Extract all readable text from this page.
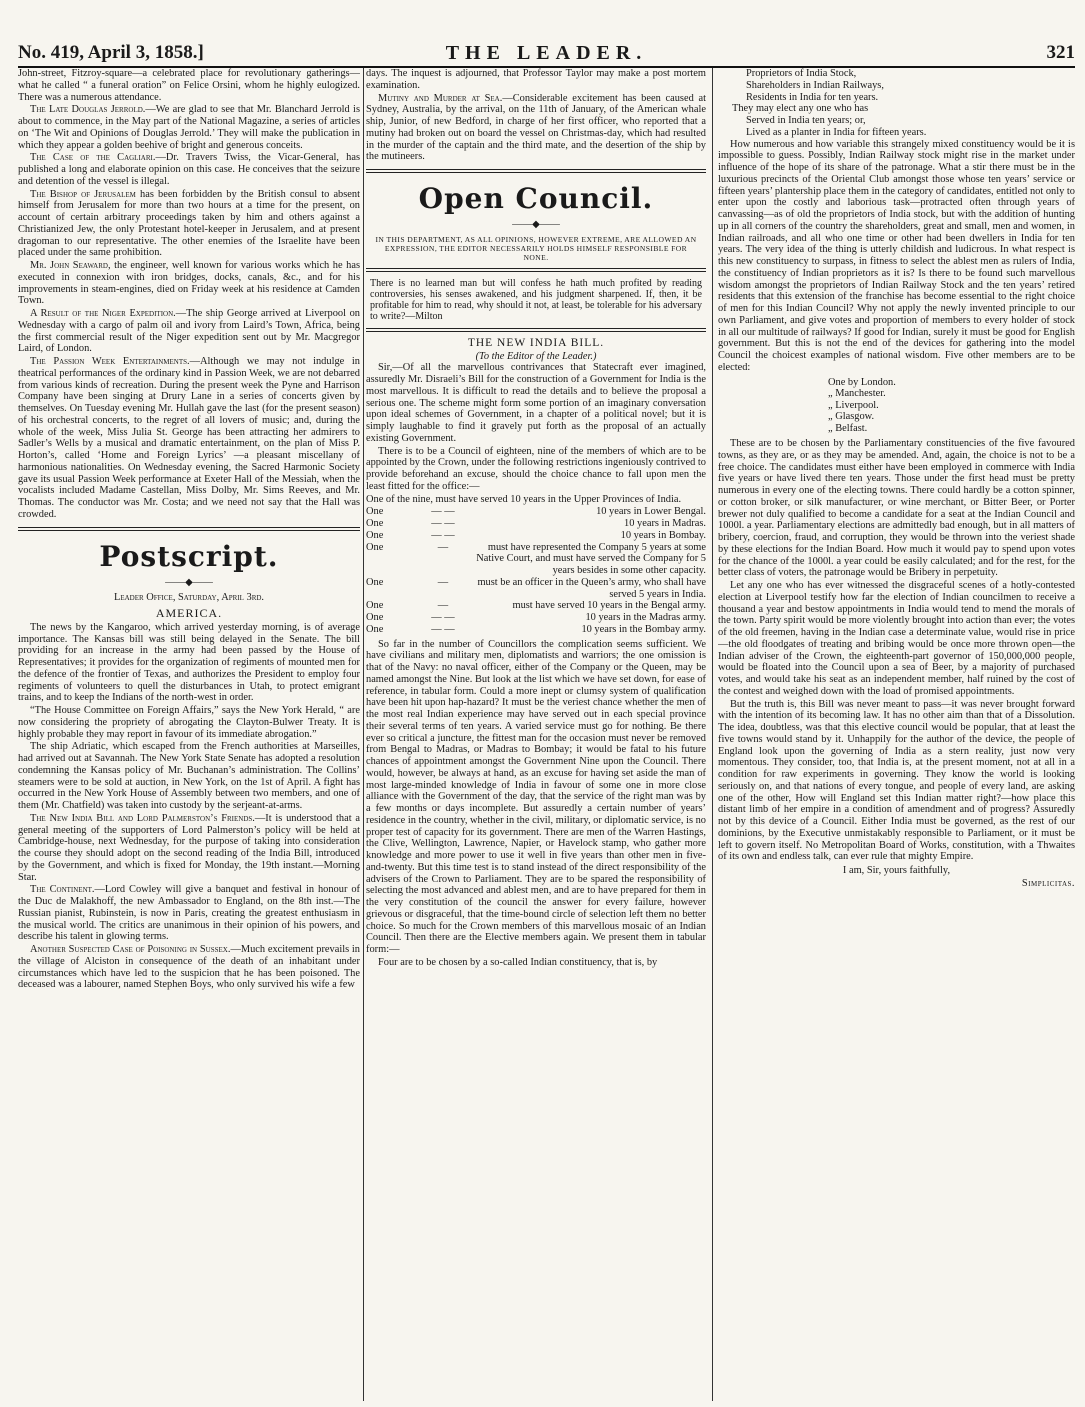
No. 419, April 3, 1858.]	THE LEADER.	321

John-street, Fitzroy-square—a celebrated place for revolutionary gatherings—what he called “ a funeral oration” on Felice Orsini, whom he highly eulogized. There was a numerous attendance.

The Late Douglas Jerrold.—We are glad to see that Mr. Blanchard Jerrold is about to commence, in the May part of the National Magazine, a series of articles on ‘The Wit and Opinions of Douglas Jerrold.’ They will make the publication in which they appear a golden beehive of bright and generous conceits.

The Case of the Cagliari.—Dr. Travers Twiss, the Vicar-General, has published a long and elaborate opinion on this case. He conceives that the seizure and detention of the vessel is illegal.

The Bishop of Jerusalem has been forbidden by the British consul to absent himself from Jerusalem for more than two hours at a time for the present, on account of certain arbitrary proceedings taken by him and others against a Christianized Jew, the only Protestant hotel-keeper in Jerusalem, and at present dragoman to our representative. The other enemies of the Israelite have been placed under the same prohibition.

Mr. John Seaward, the engineer, well known for various works which he has executed in connexion with iron bridges, docks, canals, &c., and for his improvements in steam-engines, died on Friday week at his residence at Camden Town.

A Result of the Niger Expedition.—The ship George arrived at Liverpool on Wednesday with a cargo of palm oil and ivory from Laird’s Town, Africa, being the first commercial result of the Niger expedition sent out by Mr. Macgregor Laird, of London.

The Passion Week Entertainments.—Although we may not indulge in theatrical performances of the ordinary kind in Passion Week, we are not debarred from various kinds of recreation. During the present week the Pyne and Harrison Company have been singing at Drury Lane in a series of concerts given by themselves. On Tuesday evening Mr. Hullah gave the last (for the present season) of his orchestral concerts, to the regret of all lovers of music; and, during the whole of the week, Miss Julia St. George has been attracting her admirers to Sadler’s Wells by a musical and dramatic entertainment, on the plan of Miss P. Horton’s, called ‘Home and Foreign Lyrics’ —a pleasant miscellany of harmonious nationalities. On Wednesday evening, the Sacred Harmonic Society gave its usual Passion Week performance at Exeter Hall of the Messiah, when the vocalists included Madame Castellan, Miss Dolby, Mr. Sims Reeves, and Mr. Thomas. The conductor was Mr. Costa; and we need not say that the Hall was crowded.

Postscript.
——◆——
Leader Office, Saturday, April 3rd.
AMERICA.

The news by the Kangaroo, which arrived yesterday morning, is of average importance. The Kansas bill was still being delayed in the Senate. The bill providing for an increase in the army had been passed by the House of Representatives; it provides for the organization of regiments of mounted men for the defence of the frontier of Texas, and authorizes the President to employ four regiments of volunteers to quell the disturbances in Utah, to protect emigrant trains, and to keep the Indians of the north-west in order.

“The House Committee on Foreign Affairs,” says the New York Herald, “ are now considering the propriety of abrogating the Clayton-Bulwer Treaty. It is highly probable they may report in favour of its immediate abrogation.”

The ship Adriatic, which escaped from the French authorities at Marseilles, had arrived out at Savannah. The New York State Senate has adopted a resolution condemning the Kansas policy of Mr. Buchanan’s administration. The Collins’ steamers were to be sold at auction, in New York, on the 1st of April. A fight has occurred in the New York House of Assembly between two members, and one of them (Mr. Chatfield) was taken into custody by the serjeant-at-arms.

The New India Bill and Lord Palmerston’s Friends.—It is understood that a general meeting of the supporters of Lord Palmerston’s policy will be held at Cambridge-house, next Wednesday, for the purpose of taking into consideration the course they should adopt on the second reading of the India Bill, introduced by the Government, and which is fixed for Monday, the 19th instant.—Morning Star.

The Continent.—Lord Cowley will give a banquet and festival in honour of the Duc de Malakhoff, the new Ambassador to England, on the 8th inst.—The Russian pianist, Rubinstein, is now in Paris, creating the greatest enthusiasm in the musical world. The critics are unanimous in their opinion of his powers, and describe his talent in glowing terms.

Another Suspected Case of Poisoning in Sussex.—Much excitement prevails in the village of Alciston in consequence of the death of an inhabitant under circumstances which have led to the suspicion that he has been poisoned. The deceased was a labourer, named Stephen Boys, who only survived his wife a few

days. The inquest is adjourned, that Professor Taylor may make a post mortem examination.

Mutiny and Murder at Sea.—Considerable excitement has been caused at Sydney, Australia, by the arrival, on the 11th of January, of the American whale ship, Junior, of new Bedford, in charge of her first officer, who reported that a mutiny had broken out on board the vessel on Christmas-day, which had resulted in the murder of the captain and the third mate, and the desertion of the ship by the mutineers.

Open Council.
——◆——
IN THIS DEPARTMENT, AS ALL OPINIONS, HOWEVER EXTREME, ARE ALLOWED AN EXPRESSION, THE EDITOR NECESSARILY HOLDS HIMSELF RESPONSIBLE FOR NONE.
There is no learned man but will confess he hath much profited by reading controversies, his senses awakened, and his judgment sharpened. If, then, it be profitable for him to read, why should it not, at least, be tolerable for his adversary to write?—Milton
THE NEW INDIA BILL.
(To the Editor of the Leader.)

Sir,—Of all the marvellous contrivances that Statecraft ever imagined, assuredly Mr. Disraeli’s Bill for the construction of a Government for India is the most marvellous. It is difficult to read the details and to believe the proposal a serious one. The scheme might form some portion of an imaginary conversation upon ideal schemes of Government, in a chapter of a political novel; but it is simply laughable to find it gravely put forth as the proposal of an actually existing Government.

There is to be a Council of eighteen, nine of the members of which are to be appointed by the Crown, under the following restrictions ingeniously contrived to provide beforehand an excuse, should the choice chance to fall upon men the least fitted for the office:—

One of the nine, must have served 10 years in the Upper Provinces of India.

One	— —	10 years in Lower Bengal.
One	— —	10 years in Madras.
One	— —	10 years in Bombay.
One	—	must have represented the Company 5 years at some Native Court, and must have served the Company for 5 years besides in some other capacity.
One	—	must be an officer in the Queen’s army, who shall have served 5 years in India.
One	—	must have served 10 years in the Bengal army.
One	— —	10 years in the Madras army.
One	— —	10 years in the Bombay army.

So far in the number of Councillors the complication seems sufficient. We have civilians and military men, diplomatists and warriors; the one omission is that of the Navy: no naval officer, either of the Company or the Queen, may be named amongst the Nine. But look at the list which we have set down, for ease of reference, in tabular form. Could a more inept or clumsy system of qualification have been hit upon hap-hazard? It must be the veriest chance whether the men of the most real Indian experience may have served out in each special province their several terms of ten years. A varied service must go for nothing. Be there ever so critical a juncture, the fittest man for the occasion must never be removed from Bengal to Madras, or Madras to Bombay; it would be fatal to his future chances of appointment amongst the Government Nine upon the Council. There would, however, be always at hand, as an excuse for having set aside the man of most large-minded knowledge of India in favour of some one in more close alliance with the Government of the day, that the service of the right man was by a few months or days incomplete. But assuredly a certain number of years’ residence in the country, whether in the civil, military, or diplomatic service, is no proper test of capacity for its government. There are men of the Warren Hastings, the Clive, Wellington, Lawrence, Napier, or Havelock stamp, who gather more knowledge and more power to use it well in five years than other men in five-and-twenty. But this time test is to stand instead of the direct responsibility of the advisers of the Crown to Parliament. They are to be spared the responsibility of selecting the most advanced and ablest men, and are to have prepared for them in the very constitution of the council the answer for every failure, however grievous or disgraceful, that the time-bound circle of selection left them no better choice. So much for the Crown members of this marvellous mosaic of an Indian Council. Then there are the Elective members again. We present them in tabular form:—

Four are to be chosen by a so-called Indian constituency, that is, by

Proprietors of India Stock,

Shareholders in Indian Railways,

Residents in India for ten years.

They may elect any one who has

Served in India ten years; or,

Lived as a planter in India for fifteen years.

How numerous and how variable this strangely mixed constituency would be it is impossible to guess. Possibly, Indian Railway stock might rise in the market under influence of the hope of its share of the patronage. What a stir there must be in the luxurious precincts of the Oriental Club amongst those whose ten years’ service or fifteen years’ plantership place them in the category of candidates, entitled not only to enter upon the costly and laborious task—protracted often through years of canvassing—as of old the proprietors of India stock, but with the addition of hunting up in all corners of the country the shareholders, great and small, men and women, in Indian railroads, and all who one time or other had been dwellers in India for ten years. The very idea of the thing is utterly childish and ludicrous. In what respect is this new constituency to surpass, in fitness to select the ablest men as rulers of India, the constituency of Indian proprietors as it is? Is there to be found such marvellous wisdom amongst the proprietors of Indian Railway Stock and the ten years’ retired residents that this extension of the franchise has become essential to the right choice of men for this Indian Council? Why not apply the newly invented principle to our own Parliament, and give votes and proportion of members to every holder of stock in all our multitude of railways? If good for Indian, surely it must be good for English government. But this is not the end of the devices for gathering into the model Council the choicest examples of national wisdom. Five other members are to be elected:

One by London.
„ Manchester.
„ Liverpool.
„ Glasgow.
„ Belfast.

These are to be chosen by the Parliamentary constituencies of the five favoured towns, as they are, or as they may be amended. And, again, the choice is not to be a free choice. The candidates must either have been employed in commerce with India five years or have lived there ten years. Those under the first head must be pretty numerous in every one of the electing towns. There could hardly be a cotton spinner, or cotton broker, or silk manufacturer, or wine merchant, or Bitter Beer, or Porter brewer not duly qualified to become a candidate for a seat at the Indian Council and 1000l. a year. Parliamentary elections are admittedly bad enough, but in all matters of bribery, coercion, fraud, and corruption, they would be thrown into the veriest shade by these elections for the Indian Board. How much it would pay to spend upon votes for the chance of the 1000l. a year could be easily calculated; and for the rest, for the better class of voters, the patronage would be Bribery in perpetuity.

Let any one who has ever witnessed the disgraceful scenes of a hotly-contested election at Liverpool testify how far the election of Indian councilmen to receive a thousand a year and bestow appointments in India would tend to mend the morals of the town. Party spirit would be more violently brought into action than ever; the votes of the old freemen, having in the Indian case a determinate value, would rise in price—the old floodgates of treating and bribing would be once more thrown open—the Indian adviser of the Crown, the eighteenth-part governor of 150,000,000 people, would be floated into the Council upon a sea of Beer, by a majority of purchased votes, and would take his seat as an independent member, half ruined by the cost of the contest and weighed down with the load of promised appointments.

But the truth is, this Bill was never meant to pass—it was never brought forward with the intention of its becoming law. It has no other aim than that of a Dissolution. The idea, doubtless, was that this elective council would be popular, that at least the five towns would stand by it. Unhappily for the author of the device, the people of England look upon the governing of India as a stern reality, just now very momentous. They consider, too, that India is, at the present moment, not at all in a condition for raw experiments in governing. They know the world is looking seriously on, and that nations of every tongue, and people of every land, are asking one of the other, How will England set this Indian matter right?—how place this distant limb of her empire in a condition of amendment and of progress? Assuredly not by this device of a Council. Either India must be governed, as the rest of our dominions, by the Executive unmistakably responsible to Parliament, or it must be left to govern itself. No Metropolitan Board of Works, constitution, with a Thwaites of its own and endless talk, can ever rule that mighty Empire.

I am, Sir, yours faithfully,

Simplicitas.
